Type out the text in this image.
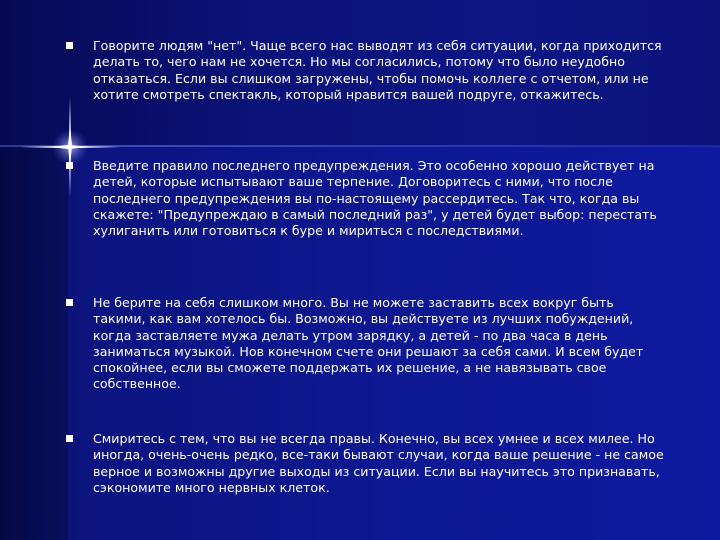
Говорите людям "нет". Чаще всего нас выводят из себя ситуации, когда приходится делать то, чего нам не хочется. Но мы согласились, потому что было неудобно отказаться. Если вы слишком загружены, чтобы помочь коллеге с отчетом, или не хотите смотреть спектакль, который нравится вашей подруге, откажитесь.
Введите правило последнего предупреждения. Это особенно хорошо действует на детей, которые испытывают ваше терпение. Договоритесь с ними, что после последнего предупреждения вы по-настоящему рассердитесь. Так что, когда вы скажете: "Предупреждаю в самый последний раз", у детей будет выбор: перестать хулиганить или готовиться к буре и мириться с последствиями.
Не берите на себя слишком много. Вы не можете заставить всех вокруг быть такими, как вам хотелось бы. Возможно, вы действуете из лучших побуждений, когда заставляете мужа делать утром зарядку, а детей - по два часа в день заниматься музыкой. Нов конечном счете они решают за себя сами. И всем будет спокойнее, если вы сможете поддержать их решение, а не навязывать свое собственное.
Смиритесь с тем, что вы не всегда правы. Конечно, вы всех умнее и всех милее. Но иногда, очень-очень редко, все-таки бывают случаи, когда ваше решение - не самое верное и возможны другие выходы из ситуации. Если вы научитесь это признавать, сэкономите много нервных клеток.
